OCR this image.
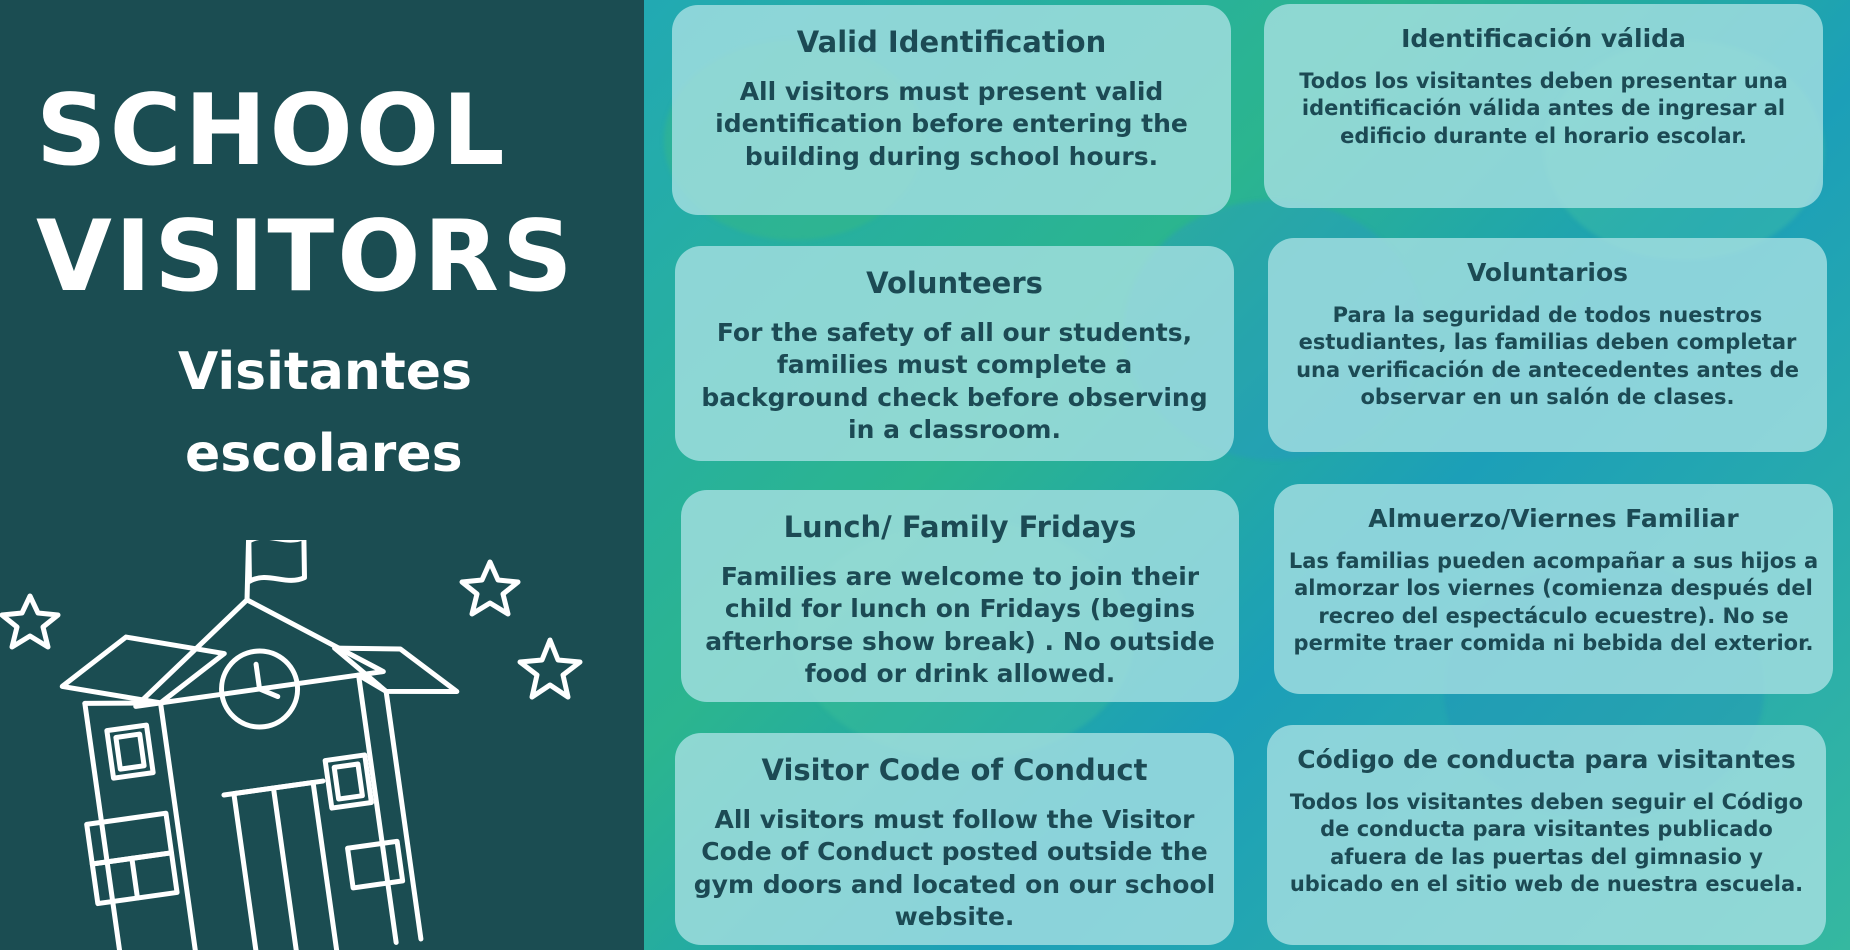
SCHOOL
VISITORS
Visitantes
escolares
Valid Identification
All visitors must present valid identification before entering the building during school hours.
Volunteers
For the safety of all our students, families must complete a background check before observing in a classroom.
Lunch/ Family Fridays
Families are welcome to join their child for lunch on Fridays (begins afterhorse show break) . No outside food or drink allowed.
Visitor Code of Conduct
All visitors must follow the Visitor Code of Conduct posted outside the gym doors and located on our school website.
Identificación válida
Todos los visitantes deben presentar una identificación válida antes de ingresar al edificio durante el horario escolar.
Voluntarios
Para la seguridad de todos nuestros estudiantes, las familias deben completar una verificación de antecedentes antes de observar en un salón de clases.
Almuerzo/Viernes Familiar
Las familias pueden acompañar a sus hijos a almorzar los viernes (comienza después del recreo del espectáculo ecuestre). No se permite traer comida ni bebida del exterior.
Código de conducta para visitantes
Todos los visitantes deben seguir el Código de conducta para visitantes publicado afuera de las puertas del gimnasio y ubicado en el sitio web de nuestra escuela.
